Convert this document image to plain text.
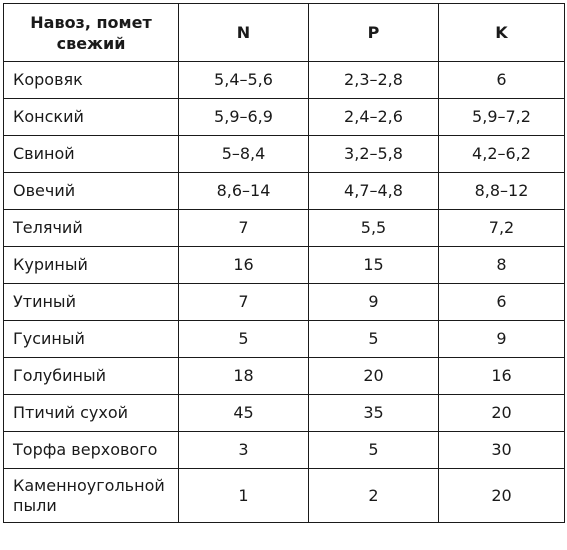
Навоз, помет свежий	N	P	K
Коровяк	5,4–5,6	2,3–2,8	6
Конский	5,9–6,9	2,4–2,6	5,9–7,2
Свиной	5–8,4	3,2–5,8	4,2–6,2
Овечий	8,6–14	4,7–4,8	8,8–12
Телячий	7	5,5	7,2
Куриный	16	15	8
Утиный	7	9	6
Гусиный	5	5	9
Голубиный	18	20	16
Птичий сухой	45	35	20
Торфа верхового	3	5	30
Каменноугольной пыли	1	2	20
